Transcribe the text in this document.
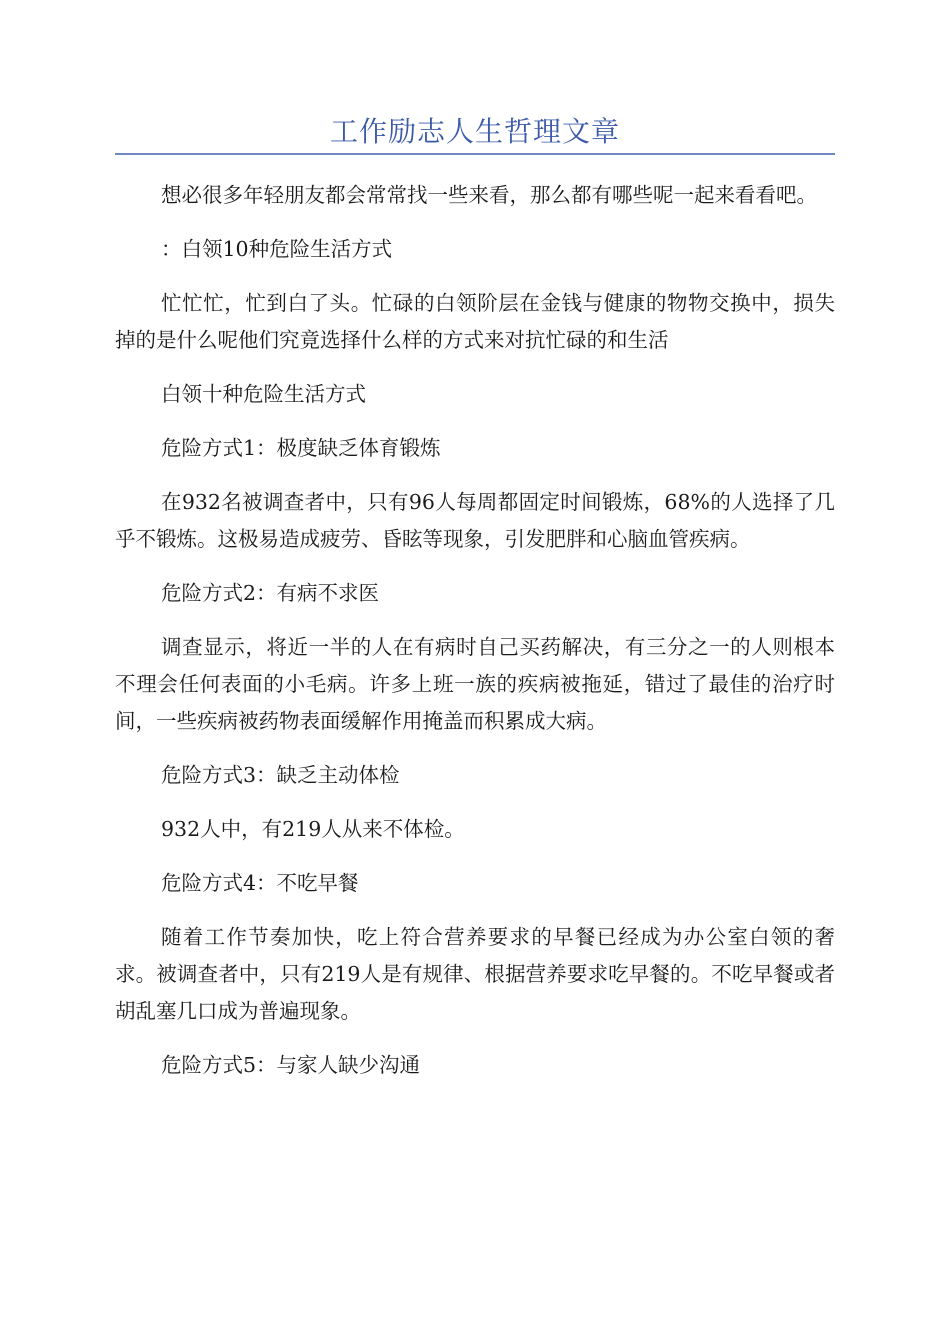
工作励志人生哲理文章

想必很多年轻朋友都会常常找一些来看，那么都有哪些呢一起来看看吧。

：白领10种危险生活方式

忙忙忙，忙到白了头。忙碌的白领阶层在金钱与健康的物物交换中，损失掉的是什么呢他们究竟选择什么样的方式来对抗忙碌的和生活

白领十种危险生活方式

危险方式1：极度缺乏体育锻炼

在932名被调查者中，只有96人每周都固定时间锻炼，68%的人选择了几乎不锻炼。这极易造成疲劳、昏眩等现象，引发肥胖和心脑血管疾病。

危险方式2：有病不求医

调查显示，将近一半的人在有病时自己买药解决，有三分之一的人则根本不理会任何表面的小毛病。许多上班一族的疾病被拖延，错过了最佳的治疗时间，一些疾病被药物表面缓解作用掩盖而积累成大病。

危险方式3：缺乏主动体检

932人中，有219人从来不体检。

危险方式4：不吃早餐

随着工作节奏加快，吃上符合营养要求的早餐已经成为办公室白领的奢求。被调查者中，只有219人是有规律、根据营养要求吃早餐的。不吃早餐或者胡乱塞几口成为普遍现象。

危险方式5：与家人缺少沟通
